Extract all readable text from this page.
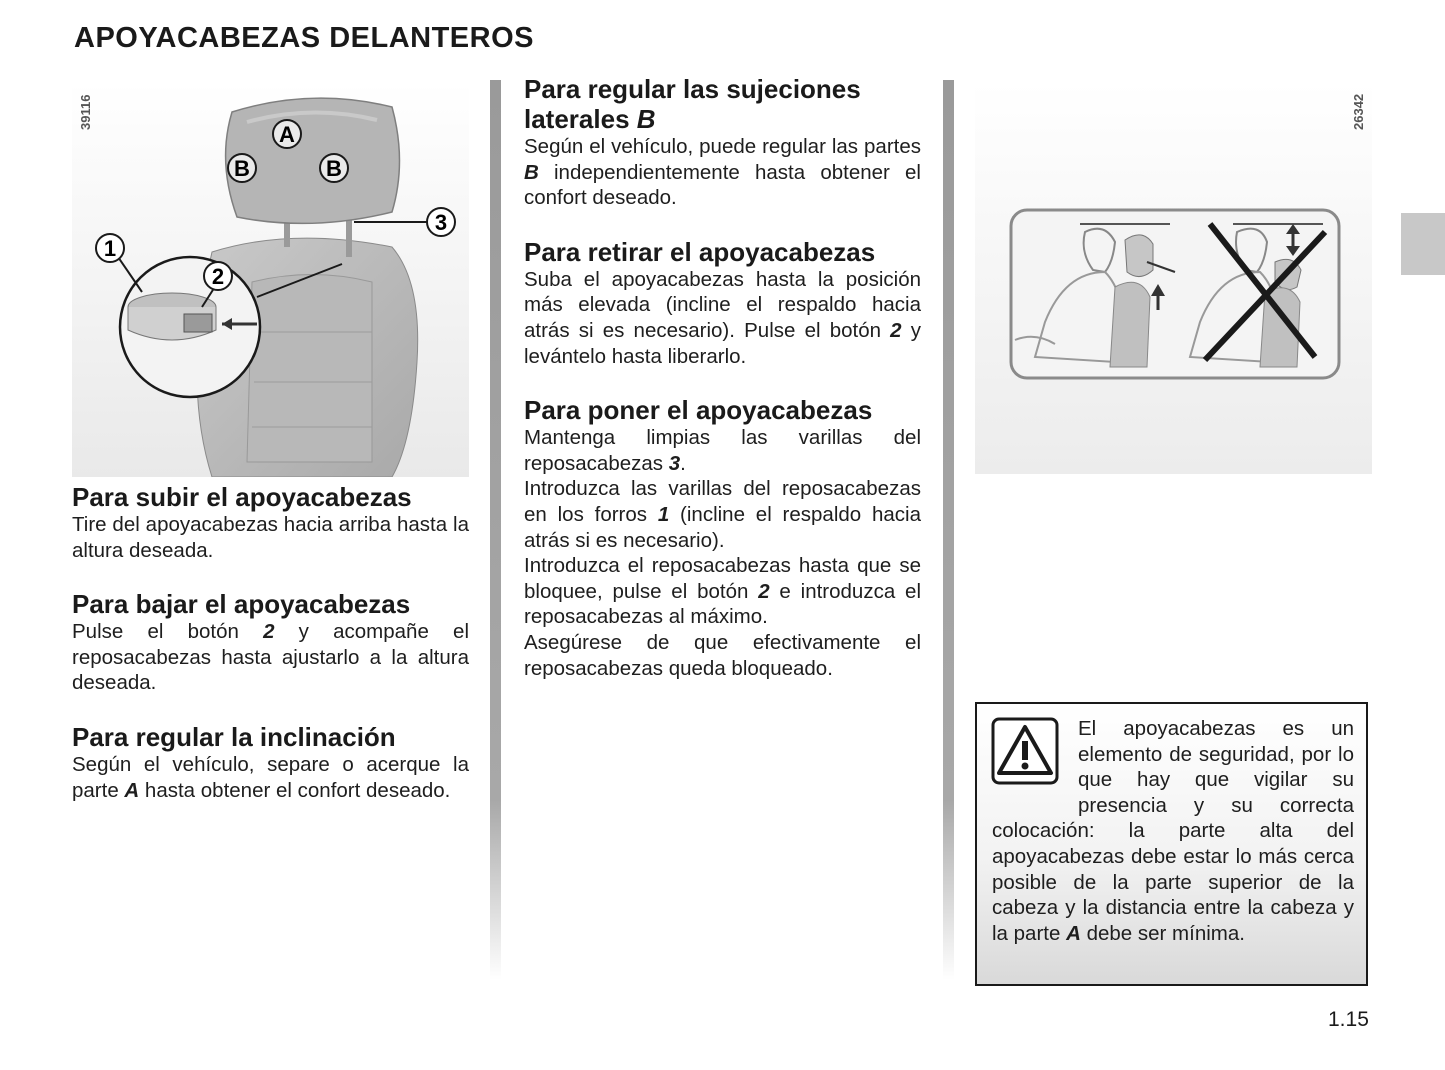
APOYACABEZAS DELANTEROS
A
B	B
3
1
2
39116
Para subir el apoyacabezas

Tire del apoyacabezas hacia arriba hasta la altura deseada.

Para bajar el apoyacabezas

Pulse el botón 2 y acompañe el reposacabezas hasta ajustarlo a la altura deseada.

Para regular la inclinación

Según el vehículo, separe o acerque la parte A hasta obtener el confort deseado.

Para regular las sujeciones laterales B

Según el vehículo, puede regular las partes B independientemente hasta obtener el confort deseado.

Para retirar el apoyacabezas

Suba el apoyacabezas hasta la posición más elevada (incline el respaldo hacia atrás si es necesario). Pulse el botón 2 y levántelo hasta liberarlo.

Para poner el apoyacabezas

Mantenga limpias las varillas del reposacabezas 3.

Introduzca las varillas del reposacabezas en los forros 1 (incline el respaldo hacia atrás si es necesario).

Introduzca el reposacabezas hasta que se bloquee, pulse el botón 2 e introduzca el reposacabezas al máximo.

Asegúrese de que efectivamente el reposacabezas queda bloqueado.

26342

El apoyacabezas es un elemento de seguridad, por lo que hay que vigilar su presencia y su correcta colocación: la parte alta del apoyacabezas debe estar lo más cerca posible de la parte superior de la cabeza y la distancia entre la cabeza y la parte A debe ser mínima.

1.15
